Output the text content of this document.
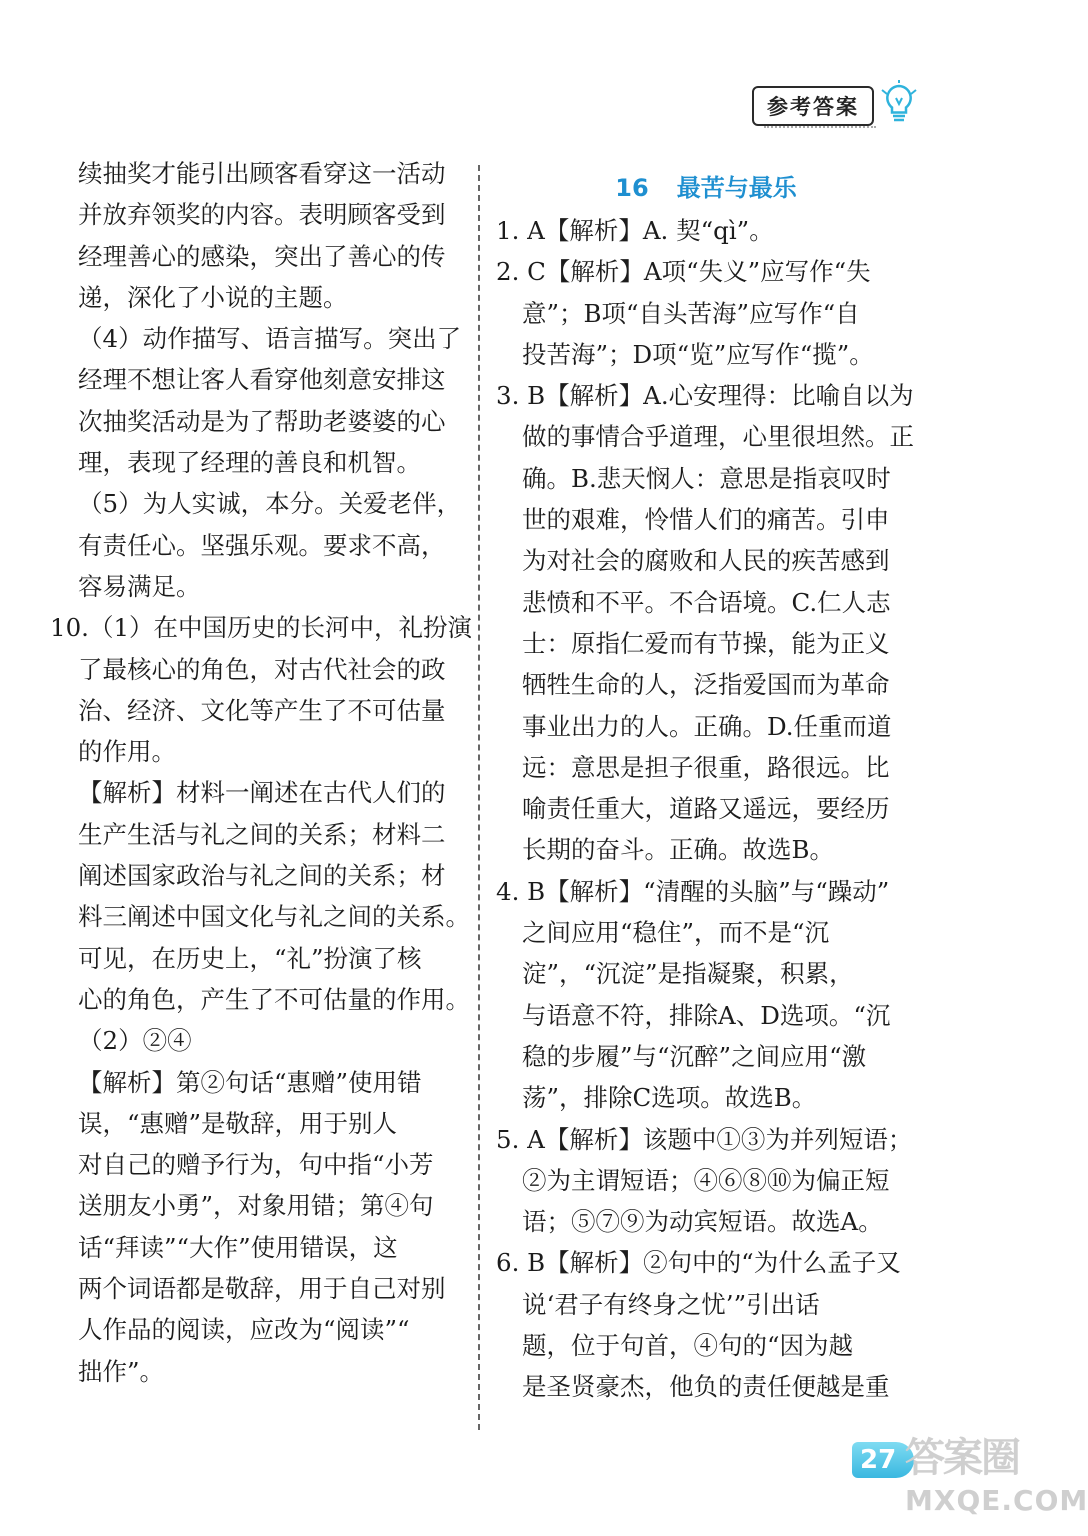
参考答案
续抽奖才能引出顾客看穿这一活动
并放弃领奖的内容。表明顾客受到
经理善心的感染，突出了善心的传
递，深化了小说的主题。
（4）动作描写、语言描写。突出了
经理不想让客人看穿他刻意安排这
次抽奖活动是为了帮助老婆婆的心
理，表现了经理的善良和机智。
（5）为人实诚，本分。关爱老伴，
有责任心。坚强乐观。要求不高，
容易满足。
10.（1）在中国历史的长河中，礼扮演
了最核心的角色，对古代社会的政
治、经济、文化等产生了不可估量
的作用。
【解析】材料一阐述在古代人们的
生产生活与礼之间的关系；材料二
阐述国家政治与礼之间的关系；材
料三阐述中国文化与礼之间的关系。
可见，在历史上，“礼”扮演了核
心的角色，产生了不可估量的作用。
（2）②④
【解析】第②句话“惠赠”使用错
误，“惠赠”是敬辞，用于别人
对自己的赠予行为，句中指“小芳
送朋友小勇”，对象用错；第④句
话“拜读”“大作”使用错误，这
两个词语都是敬辞，用于自己对别
人作品的阅读，应改为“阅读”“
拙作”。
16 最苦与最乐
1. A【解析】A. 契“qì”。
2. C【解析】A项“失义”应写作“失
意”；B项“自头苦海”应写作“自
投苦海”；D项“览”应写作“揽”。
3. B【解析】A.心安理得：比喻自以为
做的事情合乎道理，心里很坦然。正
确。B.悲天悯人：意思是指哀叹时
世的艰难，怜惜人们的痛苦。引申
为对社会的腐败和人民的疾苦感到
悲愤和不平。不合语境。C.仁人志
士：原指仁爱而有节操，能为正义
牺牲生命的人，泛指爱国而为革命
事业出力的人。正确。D.任重而道
远：意思是担子很重，路很远。比
喻责任重大，道路又遥远，要经历
长期的奋斗。正确。故选B。
4. B【解析】“清醒的头脑”与“躁动”
之间应用“稳住”，而不是“沉
淀”，“沉淀”是指凝聚，积累，
与语意不符，排除A、D选项。“沉
稳的步履”与“沉醉”之间应用“激
荡”，排除C选项。故选B。
5. A【解析】该题中①③为并列短语；
②为主谓短语；④⑥⑧⑩为偏正短
语；⑤⑦⑨为动宾短语。故选A。
6. B【解析】②句中的“为什么孟子又
说‘君子有终身之忧’”引出话
题，位于句首，④句的“因为越
是圣贤豪杰，他负的责任便越是重
27 答案圈
MXQE.COM
